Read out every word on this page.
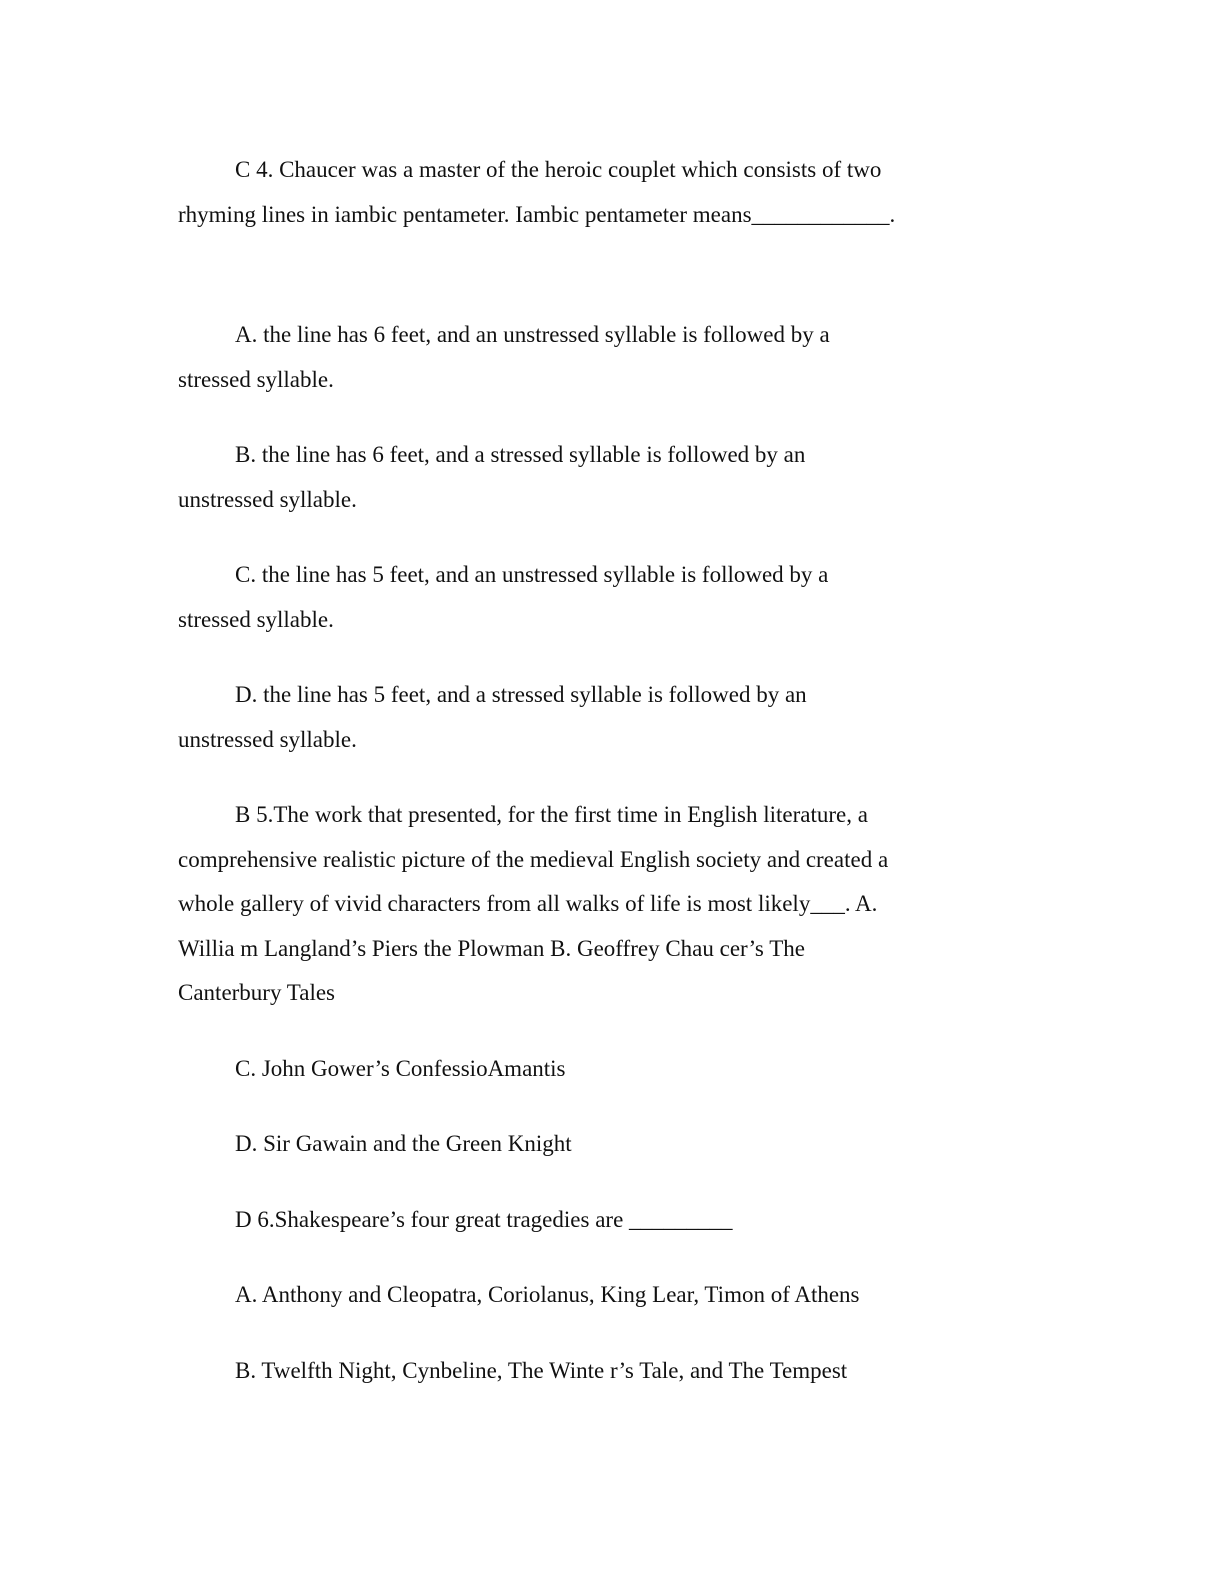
C 4. Chaucer was a master of the heroic couplet which consists of two rhyming lines in iambic pentameter. Iambic pentameter means____________.

A. the line has 6 feet, and an unstressed syllable is followed by a stressed syllable.

B. the line has 6 feet, and a stressed syllable is followed by an unstressed syllable.

C. the line has 5 feet, and an unstressed syllable is followed by a stressed syllable.

D. the line has 5 feet, and a stressed syllable is followed by an unstressed syllable.

B 5.The work that presented, for the first time in English literature, a comprehensive realistic picture of the medieval English society and created a whole gallery of vivid characters from all walks of life is most likely___. A. Willia m Langland’s Piers the Plowman B. Geoffrey Chau cer’s The Canterbury Tales

C. John Gower’s ConfessioAmantis

D. Sir Gawain and the Green Knight

D 6.Shakespeare’s four great tragedies are _________

A. Anthony and Cleopatra, Coriolanus, King Lear, Timon of Athens

B. Twelfth Night, Cynbeline, The Winte r’s Tale, and The Tempest
